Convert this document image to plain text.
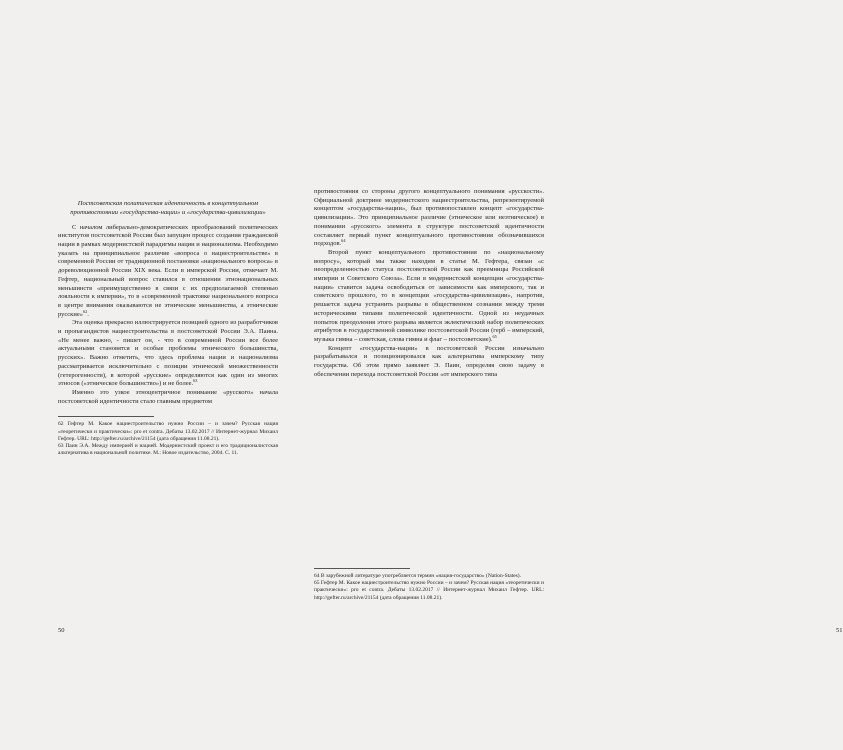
Постсоветская политическая идентичность в концептуальном противостоянии «государства-нации» и «государства-цивилизации»

С началом либерально-демократических преобразований политических институтов постсоветской России был запущен процесс создания гражданской нации в рамках модернистской парадигмы нации и национализма. Необходимо указать на принципиальное различие «вопроса о нациестроительстве» в современной России от традиционной постановки «национального вопроса» в дореволюционной России XIX века. Если в имперской России, отмечает М. Гефтер, национальный вопрос ставился в отношении этнонациональных меньшинств «преимущественно в связи с их предполагаемой степенью лояльности к империи», то в «современной трактовке национального вопроса в центре внимания оказываются не этнические меньшинства, а этнические русские»$^{62}$.

Эта оценка прекрасно иллюстрируется позицией одного из разработчиков и пропагандистов нациестроительства в постсоветской России Э.А. Паина. «Не менее важно, - пишет он, - что в современной России все более актуальными становятся и особые проблемы этнического большинства, русских». Важно отметить, что здесь проблема нации и национализма рассматривается исключительно с позиции этнической множественности (гетерогенности), в которой «русские» определяются как один из многих этносов («этническое большинство») и не более.$^{63}$

Именно это узкое этноцентричное понимание «русского» начала постсоветской идентичности стало главным предметом

62 Гефтер М. Какое нациестроительство нужно России – и зачем? Русская нация «теоретически и практически»: pro et contra. Дебаты 13.02.2017 // Интернет-журнал Михаил Гефтер. URL: http://gefter.ru/archive/21154 (дата обращения 11.08.21).
63 Паин Э.А. Между империей и нацией. Модернистский проект и его традиционалистская альтернатива в национальной политике. М.: Новое издательство, 2004. С. 11.
50	51

противостояния со стороны другого концептуального понимания «русскости». Официальной доктрине модернистского нациестроительства, репрезентируемой концептом «государства-нации», был противопоставлен концепт «государства-цивилизации». Это принципиальное различие (этническое или неэтническое) в понимании «русского» элемента в структуре постсоветской идентичности составляет первый пункт концептуального противостояния обозначившихся подходов.$^{64}$

Второй пункт концептуального противостояния по «национальному вопросу», который мы также находим в статье М. Гефтера, связан «с неопределенностью статуса постсоветской России как преемницы Российской империи и Советского Союза». Если в модернистской концепции «государства-нации» ставится задача освободиться от зависимости как имперского, так и советского прошлого, то в концепции «государства-цивилизации», напротив, решается задача устранить разрывы в общественном сознании между тремя историческими типами политической идентичности. Одной из неудачных попыток преодоления этого разрыва является эклектический набор политических атрибутов в государственной символике постсоветской России (герб – имперский, музыка гимна – советская, слова гимна и флаг – постсоветские).$^{65}$

Концепт «государства-нации» в постсоветской России изначально разрабатывался и позиционировался как альтернатива имперскому типу государства. Об этом прямо заявляет Э. Паин, определяя свою задачу в обеспечении перехода постсоветской России «от имперского типа

64 В зарубежной литературе употребляется термин «нация-государство» (Nation-States).
65 Гефтер М. Какое нациестроительство нужно России – и зачем? Русская нация «теоретически и практически»: pro et contra. Дебаты 13.02.2017 // Интернет-журнал Михаил Гефтер. URL: http://gefter.ru/archive/21154 (дата обращения 11.08.21).
